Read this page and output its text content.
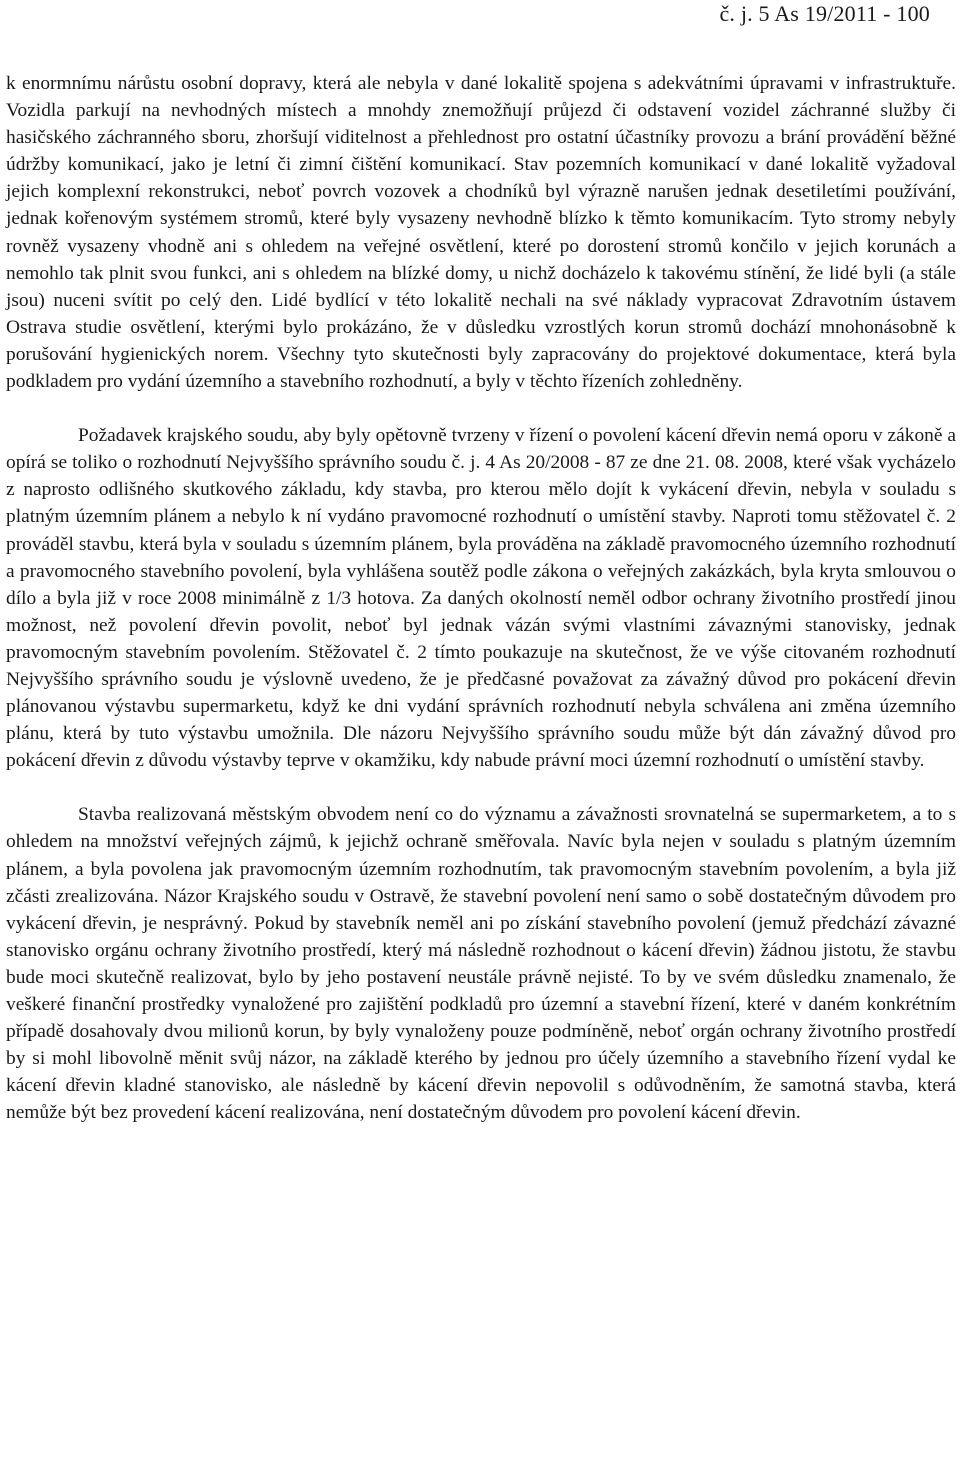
č. j. 5 As 19/2011 - 100

k enormnímu nárůstu osobní dopravy, která ale nebyla v dané lokalitě spojena s adekvátními úpravami v infrastruktuře. Vozidla parkují na nevhodných místech a mnohdy znemožňují průjezd či odstavení vozidel záchranné služby či hasičského záchranného sboru, zhoršují viditelnost a přehlednost pro ostatní účastníky provozu a brání provádění běžné údržby komunikací, jako je letní či zimní čištění komunikací. Stav pozemních komunikací v dané lokalitě vyžadoval jejich komplexní rekonstrukci, neboť povrch vozovek a chodníků byl výrazně narušen jednak desetiletími používání, jednak kořenovým systémem stromů, které byly vysazeny nevhodně blízko k těmto komunikacím. Tyto stromy nebyly rovněž vysazeny vhodně ani s ohledem na veřejné osvětlení, které po dorostení stromů končilo v jejich korunách a nemohlo tak plnit svou funkci, ani s ohledem na blízké domy, u nichž docházelo k takovému stínění, že lidé byli (a stále jsou) nuceni svítit po celý den. Lidé bydlící v této lokalitě nechali na své náklady vypracovat Zdravotním ústavem Ostrava studie osvětlení, kterými bylo prokázáno, že v důsledku vzrostlých korun stromů dochází mnohonásobně k porušování hygienických norem. Všechny tyto skutečnosti byly zapracovány do projektové dokumentace, která byla podkladem pro vydání územního a stavebního rozhodnutí, a byly v těchto řízeních zohledněny.

Požadavek krajského soudu, aby byly opětovně tvrzeny v řízení o povolení kácení dřevin nemá oporu v zákoně a opírá se toliko o rozhodnutí Nejvyššího správního soudu č. j. 4 As 20/2008 - 87 ze dne 21. 08. 2008, které však vycházelo z naprosto odlišného skutkového základu, kdy stavba, pro kterou mělo dojít k vykácení dřevin, nebyla v souladu s platným územním plánem a nebylo k ní vydáno pravomocné rozhodnutí o umístění stavby. Naproti tomu stěžovatel č. 2 prováděl stavbu, která byla v souladu s územním plánem, byla prováděna na základě pravomocného územního rozhodnutí a pravomocného stavebního povolení, byla vyhlášena soutěž podle zákona o veřejných zakázkách, byla kryta smlouvou o dílo a byla již v roce 2008 minimálně z 1/3 hotova. Za daných okolností neměl odbor ochrany životního prostředí jinou možnost, než povolení dřevin povolit, neboť byl jednak vázán svými vlastními závaznými stanovisky, jednak pravomocným stavebním povolením. Stěžovatel č. 2 tímto poukazuje na skutečnost, že ve výše citovaném rozhodnutí Nejvyššího správního soudu je výslovně uvedeno, že je předčasné považovat za závažný důvod pro pokácení dřevin plánovanou výstavbu supermarketu, když ke dni vydání správních rozhodnutí nebyla schválena ani změna územního plánu, která by tuto výstavbu umožnila. Dle názoru Nejvyššího správního soudu může být dán závažný důvod pro pokácení dřevin z důvodu výstavby teprve v okamžiku, kdy nabude právní moci územní rozhodnutí o umístění stavby.

Stavba realizovaná městským obvodem není co do významu a závažnosti srovnatelná se supermarketem, a to s ohledem na množství veřejných zájmů, k jejichž ochraně směřovala. Navíc byla nejen v souladu s platným územním plánem, a byla povolena jak pravomocným územním rozhodnutím, tak pravomocným stavebním povolením, a byla již zčásti zrealizována. Názor Krajského soudu v Ostravě, že stavební povolení není samo o sobě dostatečným důvodem pro vykácení dřevin, je nesprávný. Pokud by stavebník neměl ani po získání stavebního povolení (jemuž předchází závazné stanovisko orgánu ochrany životního prostředí, který má následně rozhodnout o kácení dřevin) žádnou jistotu, že stavbu bude moci skutečně realizovat, bylo by jeho postavení neustále právně nejisté. To by ve svém důsledku znamenalo, že veškeré finanční prostředky vynaložené pro zajištění podkladů pro územní a stavební řízení, které v daném konkrétním případě dosahovaly dvou milionů korun, by byly vynaloženy pouze podmíněně, neboť orgán ochrany životního prostředí by si mohl libovolně měnit svůj názor, na základě kterého by jednou pro účely územního a stavebního řízení vydal ke kácení dřevin kladné stanovisko, ale následně by kácení dřevin nepovolil s odůvodněním, že samotná stavba, která nemůže být bez provedení kácení realizována, není dostatečným důvodem pro povolení kácení dřevin.
